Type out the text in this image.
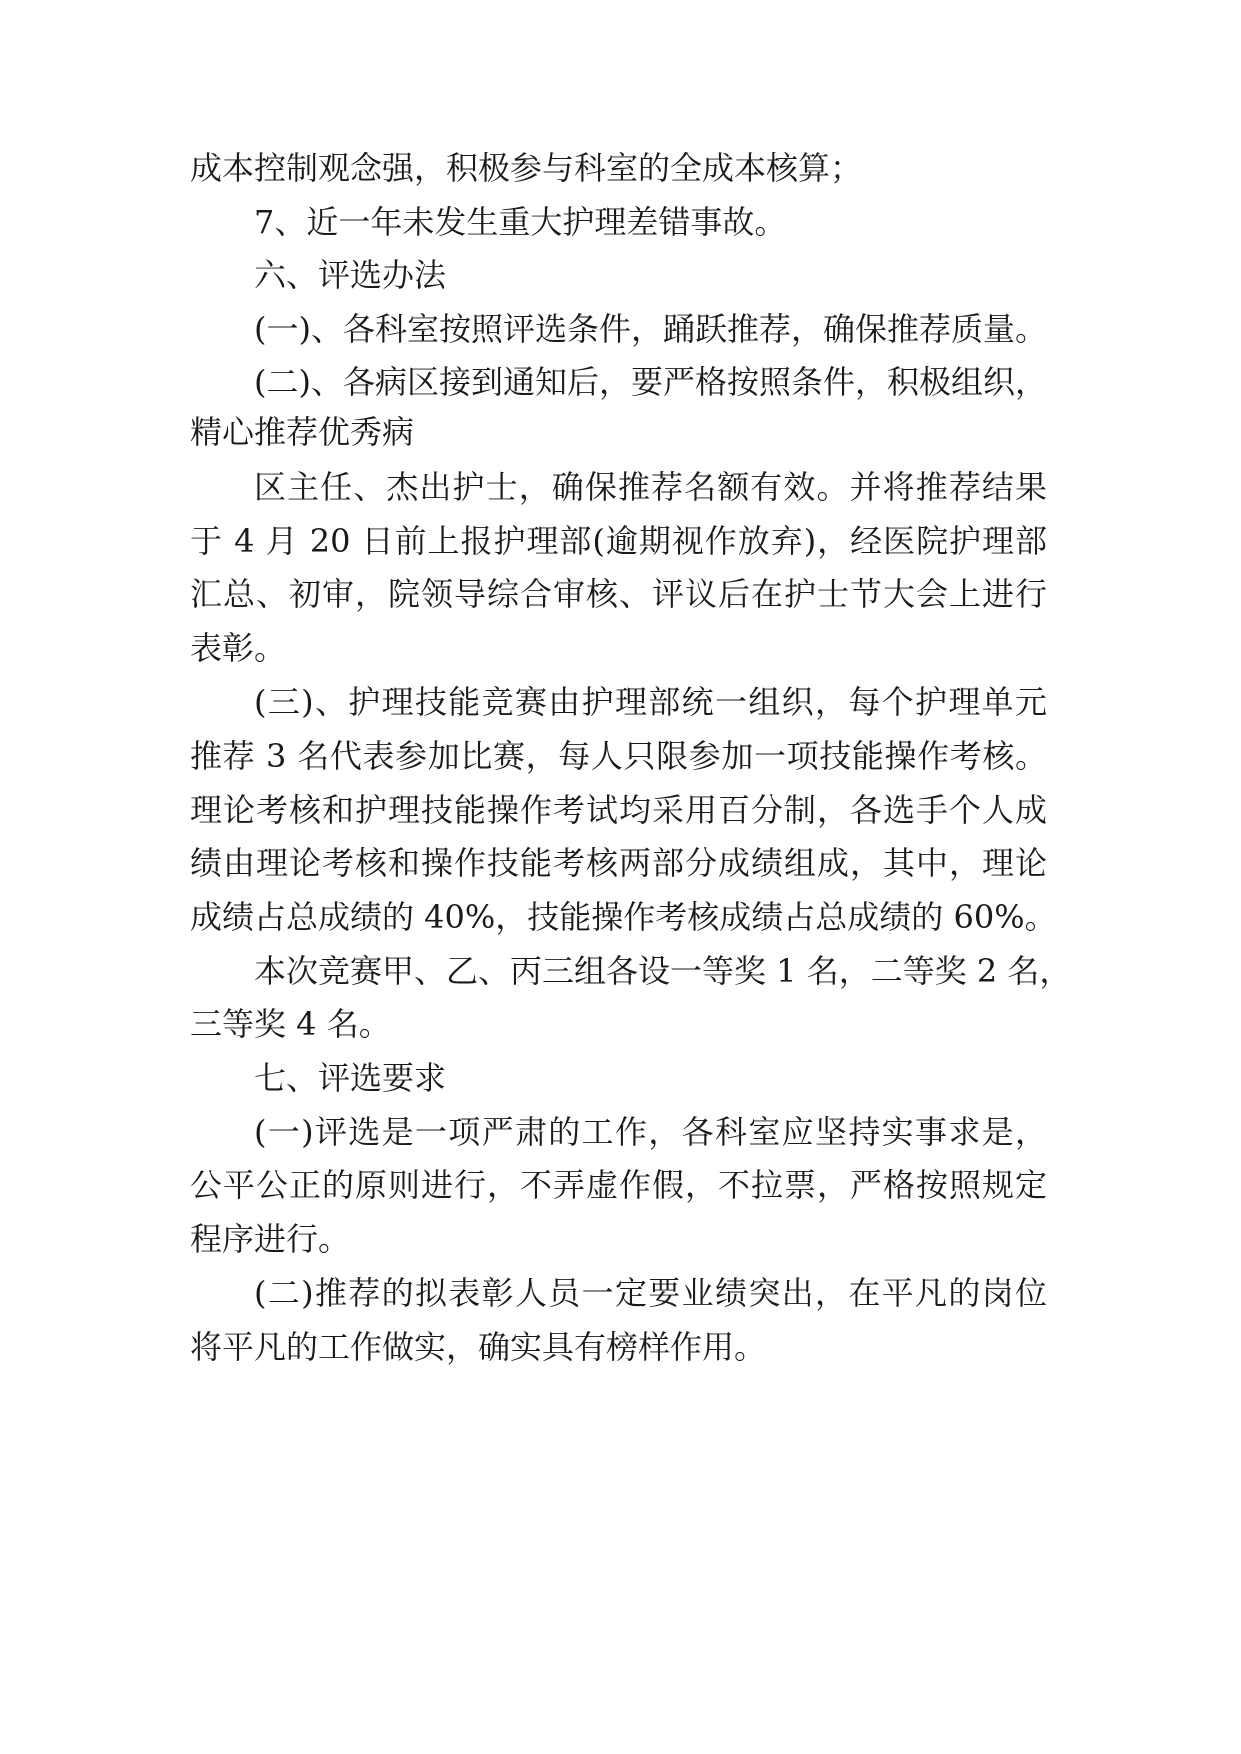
成本控制观念强，积极参与科室的全成本核算；
7、近一年未发生重大护理差错事故。
六、评选办法
(一)、各科室按照评选条件，踊跃推荐，确保推荐质量。
(二)、各病区接到通知后，要严格按照条件，积极组织，
精心推荐优秀病
区主任、杰出护士，确保推荐名额有效。并将推荐结果
于 4 月 20 日前上报护理部(逾期视作放弃)，经医院护理部
汇总、初审，院领导综合审核、评议后在护士节大会上进行
表彰。
(三)、护理技能竞赛由护理部统一组织，每个护理单元
推荐 3 名代表参加比赛，每人只限参加一项技能操作考核。
理论考核和护理技能操作考试均采用百分制，各选手个人成
绩由理论考核和操作技能考核两部分成绩组成，其中，理论
成绩占总成绩的 40%，技能操作考核成绩占总成绩的 60%。
本次竞赛甲、乙、丙三组各设一等奖 1 名，二等奖 2 名，
三等奖 4 名。
七、评选要求
(一)评选是一项严肃的工作，各科室应坚持实事求是，
公平公正的原则进行，不弄虚作假，不拉票，严格按照规定
程序进行。
(二)推荐的拟表彰人员一定要业绩突出，在平凡的岗位
将平凡的工作做实，确实具有榜样作用。
